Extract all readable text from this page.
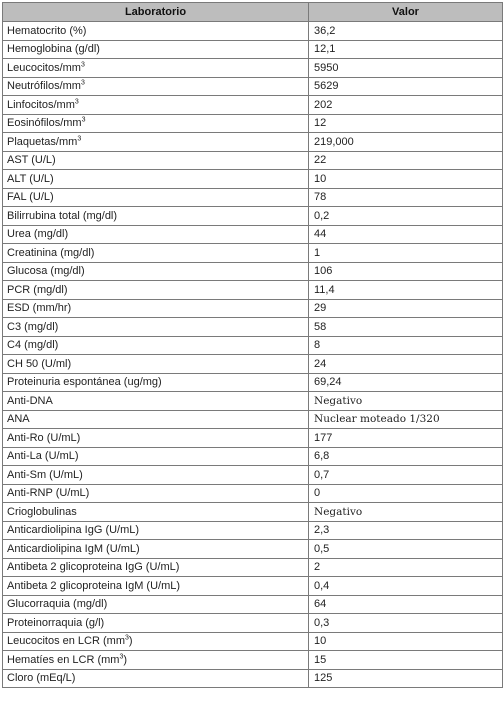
Laboratorio	Valor
Hematocrito (%)	36,2
Hemoglobina (g/dl)	12,1
Leucocitos/$mm^3$	5950
Neutrófilos/$mm^3$	5629
Linfocitos/$mm^3$	202
Eosinófilos/$mm^3$	12
Plaquetas/$mm^3$	219,000
AST (U/L)	22
ALT (U/L)	10
FAL (U/L)	78
Bilirrubina total (mg/dl)	0,2
Urea (mg/dl)	44
Creatinina (mg/dl)	1
Glucosa (mg/dl)	106
PCR (mg/dl)	11,4
ESD (mm/hr)	29
C3 (mg/dl)	58
C4 (mg/dl)	8
CH 50 (U/ml)	24
Proteinuria espontánea (ug/mg)	69,24
Anti-DNA	Negativo
ANA	Nuclear moteado 1/320
Anti-Ro (U/mL)	177
Anti-La (U/mL)	6,8
Anti-Sm (U/mL)	0,7
Anti-RNP (U/mL)	0
Crioglobulinas	Negativo
Anticardiolipina IgG (U/mL)	2,3
Anticardiolipina IgM (U/mL)	0,5
Antibeta 2 glicoproteina IgG (U/mL)	2
Antibeta 2 glicoproteina IgM (U/mL)	0,4
Glucorraquia (mg/dl)	64
Proteinorraquia (g/l)	0,3
Leucocitos en LCR $(mm^3)$	10
Hematíes en LCR $(mm^3)$	15
Cloro (mEq/L)	125
